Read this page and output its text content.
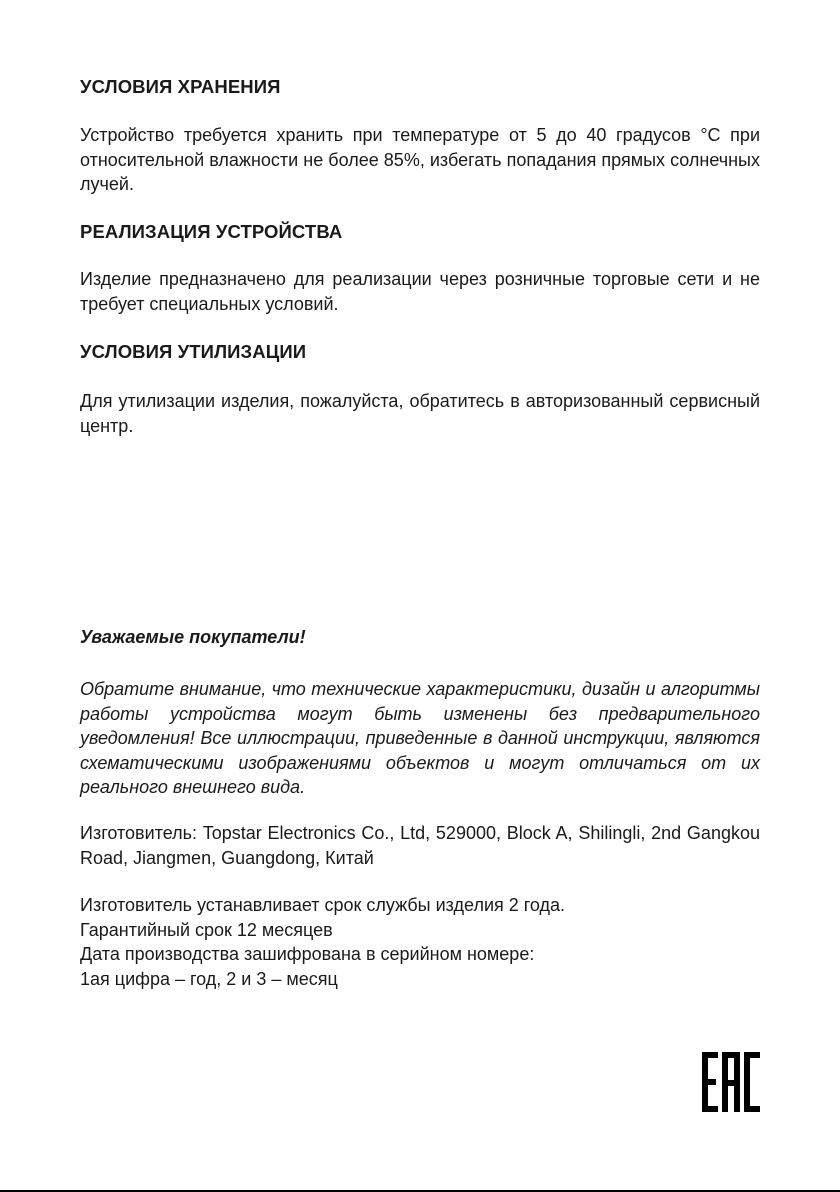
УСЛОВИЯ ХРАНЕНИЯ

Устройство требуется хранить при температуре от 5 до 40 градусов °С при относительной влажности не более 85%, избегать попадания прямых солнечных лучей.

РЕАЛИЗАЦИЯ УСТРОЙСТВА

Изделие предназначено для реализации через розничные торговые сети и не требует специальных условий.

УСЛОВИЯ УТИЛИЗАЦИИ

Для утилизации изделия, пожалуйста, обратитесь в авторизованный сервисный центр.

Уважаемые покупатели!

Обратите внимание, что технические характеристики, дизайн и алгоритмы работы устройства могут быть изменены без предварительного уведомления! Все иллюстрации, приведенные в данной инструкции, являются схематическими изображениями объектов и могут отличаться от их реального внешнего вида.

Изготовитель: Topstar Electronics Co., Ltd, 529000, Block A, Shilingli, 2nd Gangkou Road, Jiangmen, Guangdong, Китай

Изготовитель устанавливает срок службы изделия 2 года.

Гарантийный срок 12 месяцев

Дата производства зашифрована в серийном номере:

1ая цифра – год, 2 и 3 – месяц
